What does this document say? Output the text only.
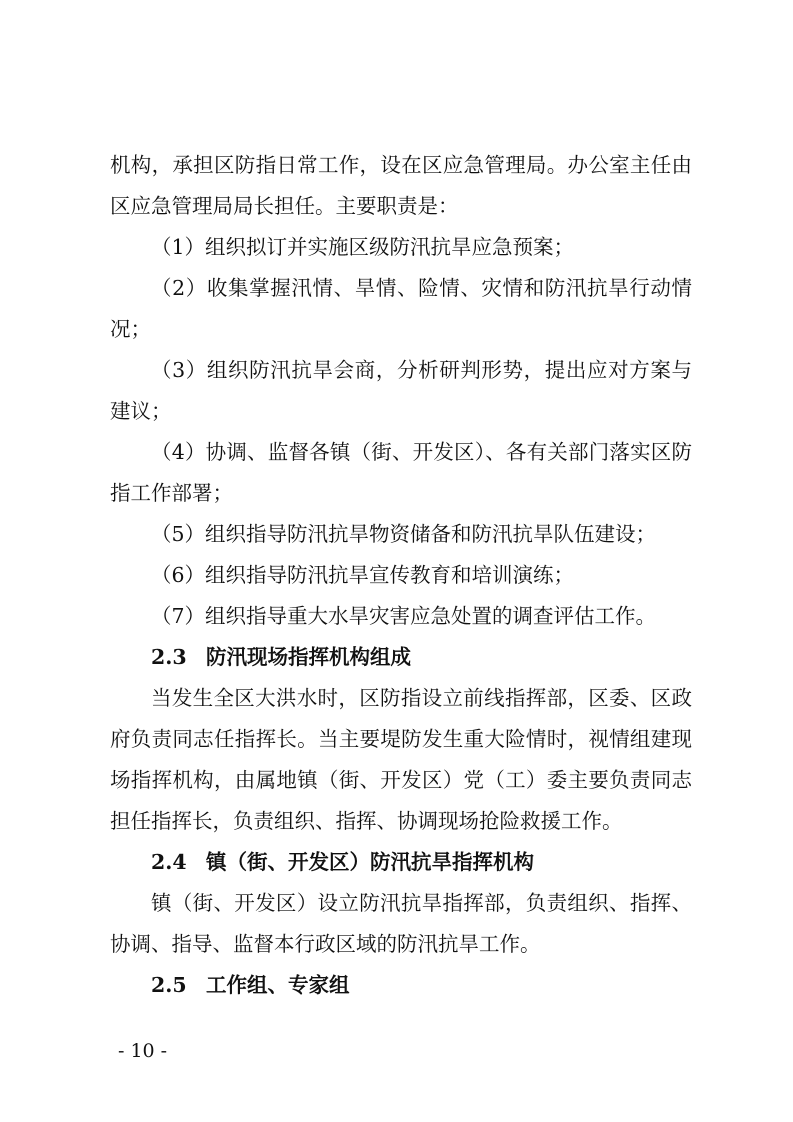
机构，承担区防指日常工作，设在区应急管理局。办公室主任由
区应急管理局局长担任。主要职责是：
（1）组织拟订并实施区级防汛抗旱应急预案；
（2）收集掌握汛情、旱情、险情、灾情和防汛抗旱行动情
况；
（3）组织防汛抗旱会商，分析研判形势，提出应对方案与
建议；
（4）协调、监督各镇（街、开发区）、各有关部门落实区防
指工作部署；
（5）组织指导防汛抗旱物资储备和防汛抗旱队伍建设；
（6）组织指导防汛抗旱宣传教育和培训演练；
（7）组织指导重大水旱灾害应急处置的调查评估工作。
2.3 防汛现场指挥机构组成
当发生全区大洪水时，区防指设立前线指挥部，区委、区政
府负责同志任指挥长。当主要堤防发生重大险情时，视情组建现
场指挥机构，由属地镇（街、开发区）党（工）委主要负责同志
担任指挥长，负责组织、指挥、协调现场抢险救援工作。
2.4 镇（街、开发区）防汛抗旱指挥机构
镇（街、开发区）设立防汛抗旱指挥部，负责组织、指挥、
协调、指导、监督本行政区域的防汛抗旱工作。
2.5 工作组、专家组
- 10 -
